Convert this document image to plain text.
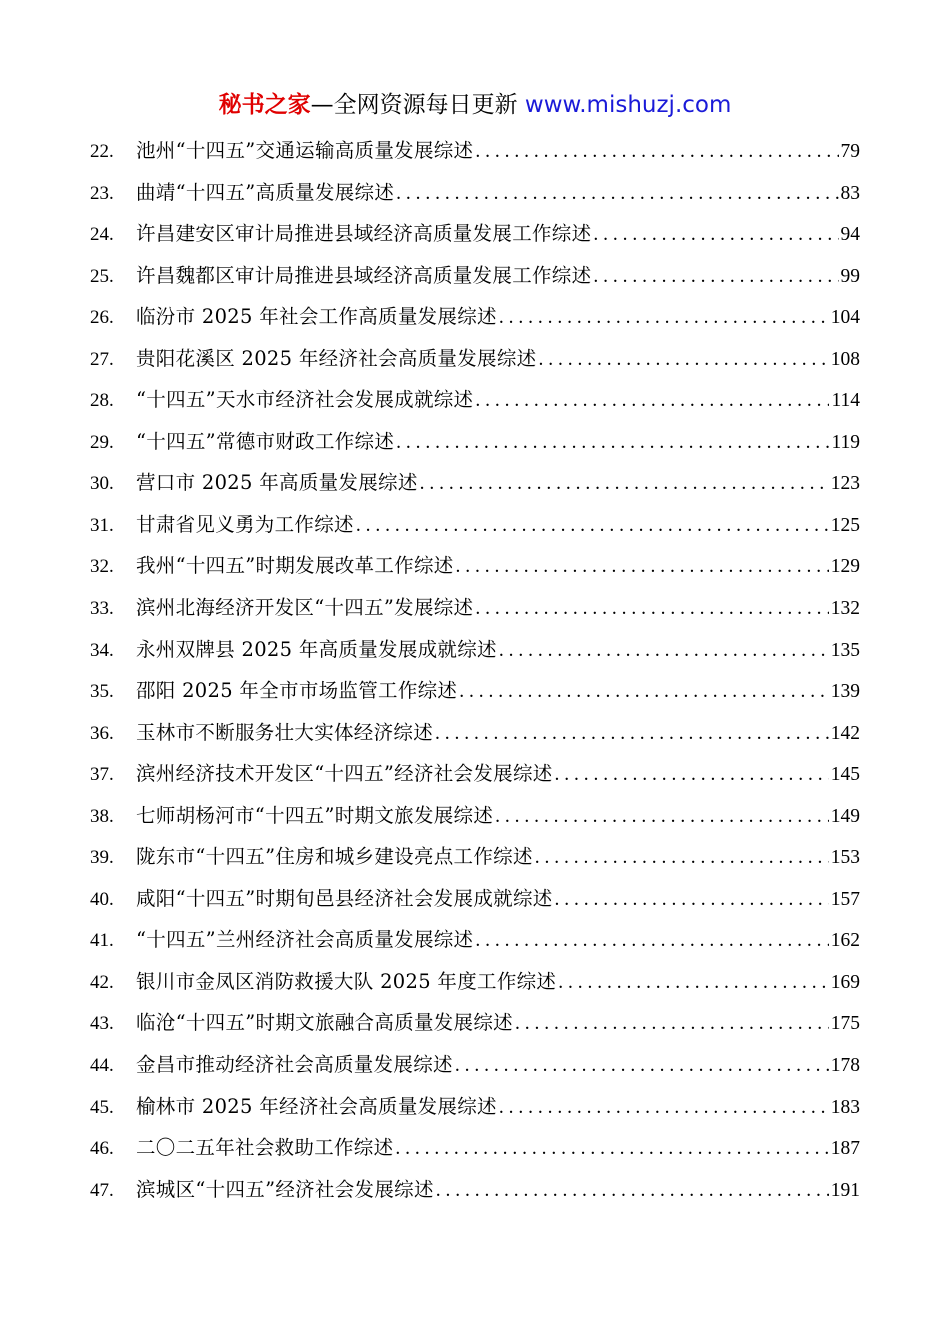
秘书之家—全网资源每日更新 www.mishuzj.com
22.	池州“十四五”交通运输高质量发展综述 . . .	79
23.	曲靖“十四五”高质量发展综述 . . .	83
24.	许昌建安区审计局推进县域经济高质量发展工作综述 . . .	94
25.	许昌魏都区审计局推进县域经济高质量发展工作综述 . . .	99
26.	临汾市 2025 年社会工作高质量发展综述 . . .	104
27.	贵阳花溪区 2025 年经济社会高质量发展综述 . . .	108
28.	“十四五”天水市经济社会发展成就综述 . . .	114
29.	“十四五”常德市财政工作综述 . . .	119
30.	营口市 2025 年高质量发展综述 . . .	123
31.	甘肃省见义勇为工作综述 . . .	125
32.	我州“十四五”时期发展改革工作综述 . . .	129
33.	滨州北海经济开发区“十四五”发展综述 . . .	132
34.	永州双牌县 2025 年高质量发展成就综述 . . .	135
35.	邵阳 2025 年全市市场监管工作综述 . . .	139
36.	玉林市不断服务壮大实体经济综述 . . .	142
37.	滨州经济技术开发区“十四五”经济社会发展综述 . . .	145
38.	七师胡杨河市“十四五”时期文旅发展综述 . . .	149
39.	陇东市“十四五”住房和城乡建设亮点工作综述 . . .	153
40.	咸阳“十四五”时期旬邑县经济社会发展成就综述 . . .	157
41.	“十四五”兰州经济社会高质量发展综述 . . .	162
42.	银川市金凤区消防救援大队 2025 年度工作综述 . . .	169
43.	临沧“十四五”时期文旅融合高质量发展综述 . . .	175
44.	金昌市推动经济社会高质量发展综述 . . .	178
45.	榆林市 2025 年经济社会高质量发展综述 . . .	183
46.	二〇二五年社会救助工作综述 . . .	187
47.	滨城区“十四五”经济社会发展综述 . . .	191
